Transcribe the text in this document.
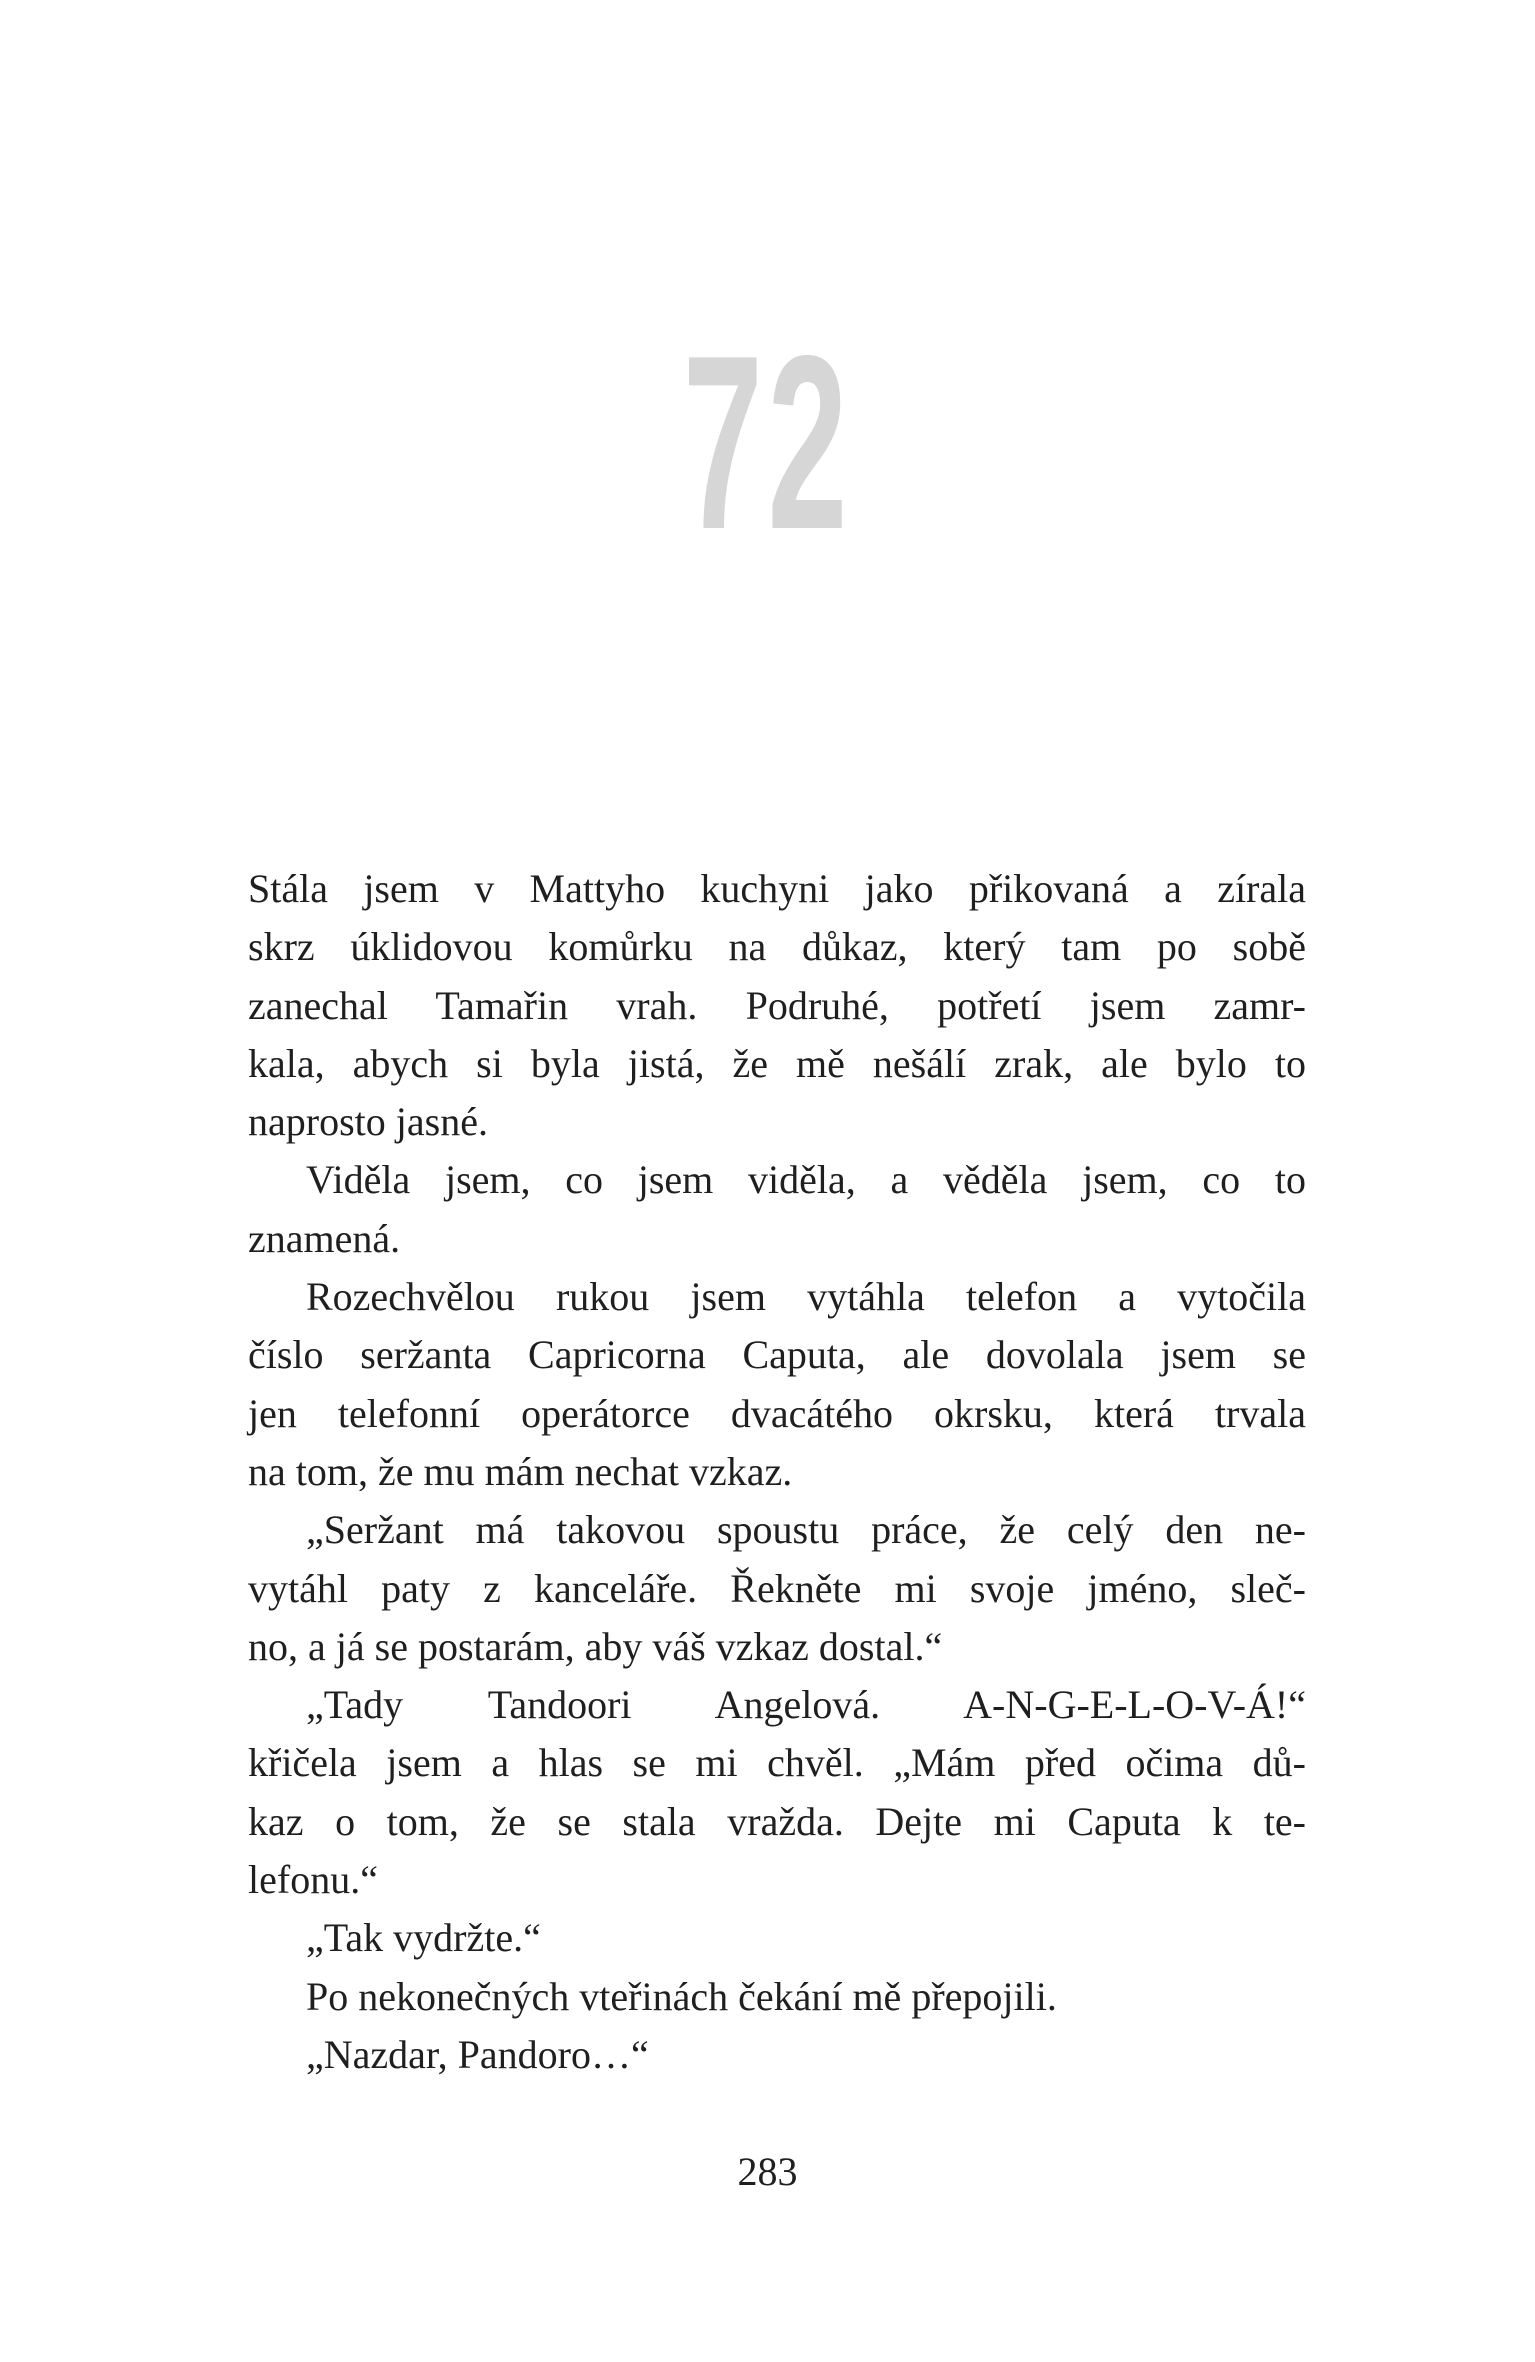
72
Stála jsem v Mattyho kuchyni jako přikovaná a zírala
skrz úklidovou komůrku na důkaz, který tam po sobě
zanechal Tamařin vrah. Podruhé, potřetí jsem zamr-
kala, abych si byla jistá, že mě nešálí zrak, ale bylo to
naprosto jasné.
Viděla jsem, co jsem viděla, a věděla jsem, co to
znamená.
Rozechvělou rukou jsem vytáhla telefon a vytočila
číslo seržanta Capricorna Caputa, ale dovolala jsem se
jen telefonní operátorce dvacátého okrsku, která trvala
na tom, že mu mám nechat vzkaz.
„Seržant má takovou spoustu práce, že celý den ne-
vytáhl paty z kanceláře. Řekněte mi svoje jméno, sleč-
no, a já se postarám, aby váš vzkaz dostal.“
„Tady Tandoori Angelová. A-N-G-E-L-O-V-Á!“
křičela jsem a hlas se mi chvěl. „Mám před očima dů-
kaz o tom, že se stala vražda. Dejte mi Caputa k te-
lefonu.“
„Tak vydržte.“
Po nekonečných vteřinách čekání mě přepojili.
„Nazdar, Pandoro…“
283
